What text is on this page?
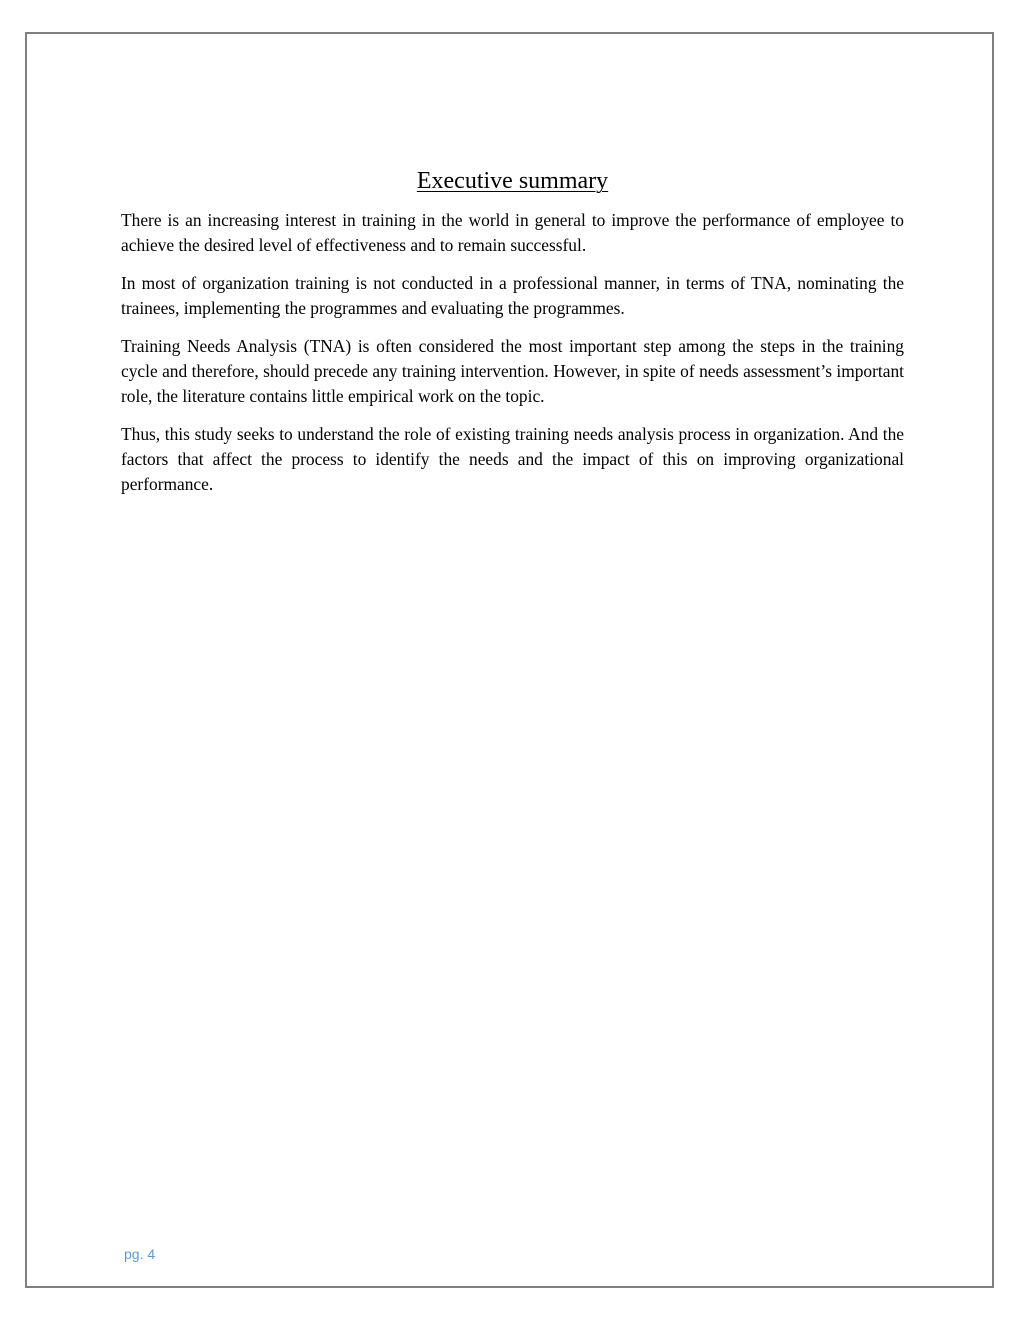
Executive summary

There is an increasing interest in training in the world in general to improve the performance of employee to achieve the desired level of effectiveness and to remain successful.

In most of organization training is not conducted in a professional manner, in terms of TNA, nominating the trainees, implementing the programmes and evaluating the programmes.

Training Needs Analysis (TNA) is often considered the most important step among the steps in the training cycle and therefore, should precede any training intervention. However, in spite of needs assessment’s important role, the literature contains little empirical work on the topic.

Thus, this study seeks to understand the role of existing training needs analysis process in organization. And the factors that affect the process to identify the needs and the impact of this on improving organizational performance.

pg. 4
